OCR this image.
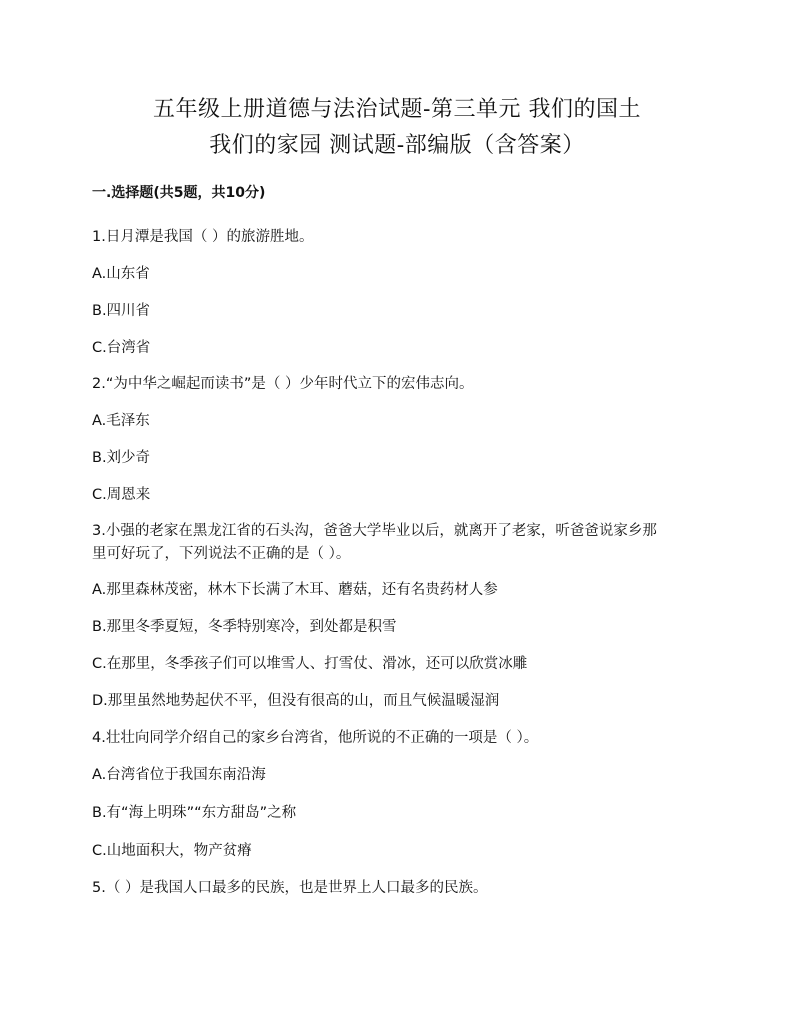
五年级上册道德与法治试题-第三单元 我们的国土
我们的家园 测试题-部编版（含答案）
一.选择题(共5题，共10分)
1.日月潭是我国（ ）的旅游胜地。
A.山东省
B.四川省
C.台湾省
2.“为中华之崛起而读书”是（ ）少年时代立下的宏伟志向。
A.毛泽东
B.刘少奇
C.周恩来
3.小强的老家在黑龙江省的石头沟，爸爸大学毕业以后，就离开了老家，听爸爸说家乡那
里可好玩了，下列说法不正确的是（ ）。
A.那里森林茂密，林木下长满了木耳、蘑菇，还有名贵药材人参
B.那里冬季夏短，冬季特别寒冷，到处都是积雪
C.在那里，冬季孩子们可以堆雪人、打雪仗、滑冰，还可以欣赏冰雕
D.那里虽然地势起伏不平，但没有很高的山，而且气候温暖湿润
4.壮壮向同学介绍自己的家乡台湾省，他所说的不正确的一项是（ ）。
A.台湾省位于我国东南沿海
B.有“海上明珠”“东方甜岛”之称
C.山地面积大，物产贫瘠
5.（ ）是我国人口最多的民族，也是世界上人口最多的民族。
